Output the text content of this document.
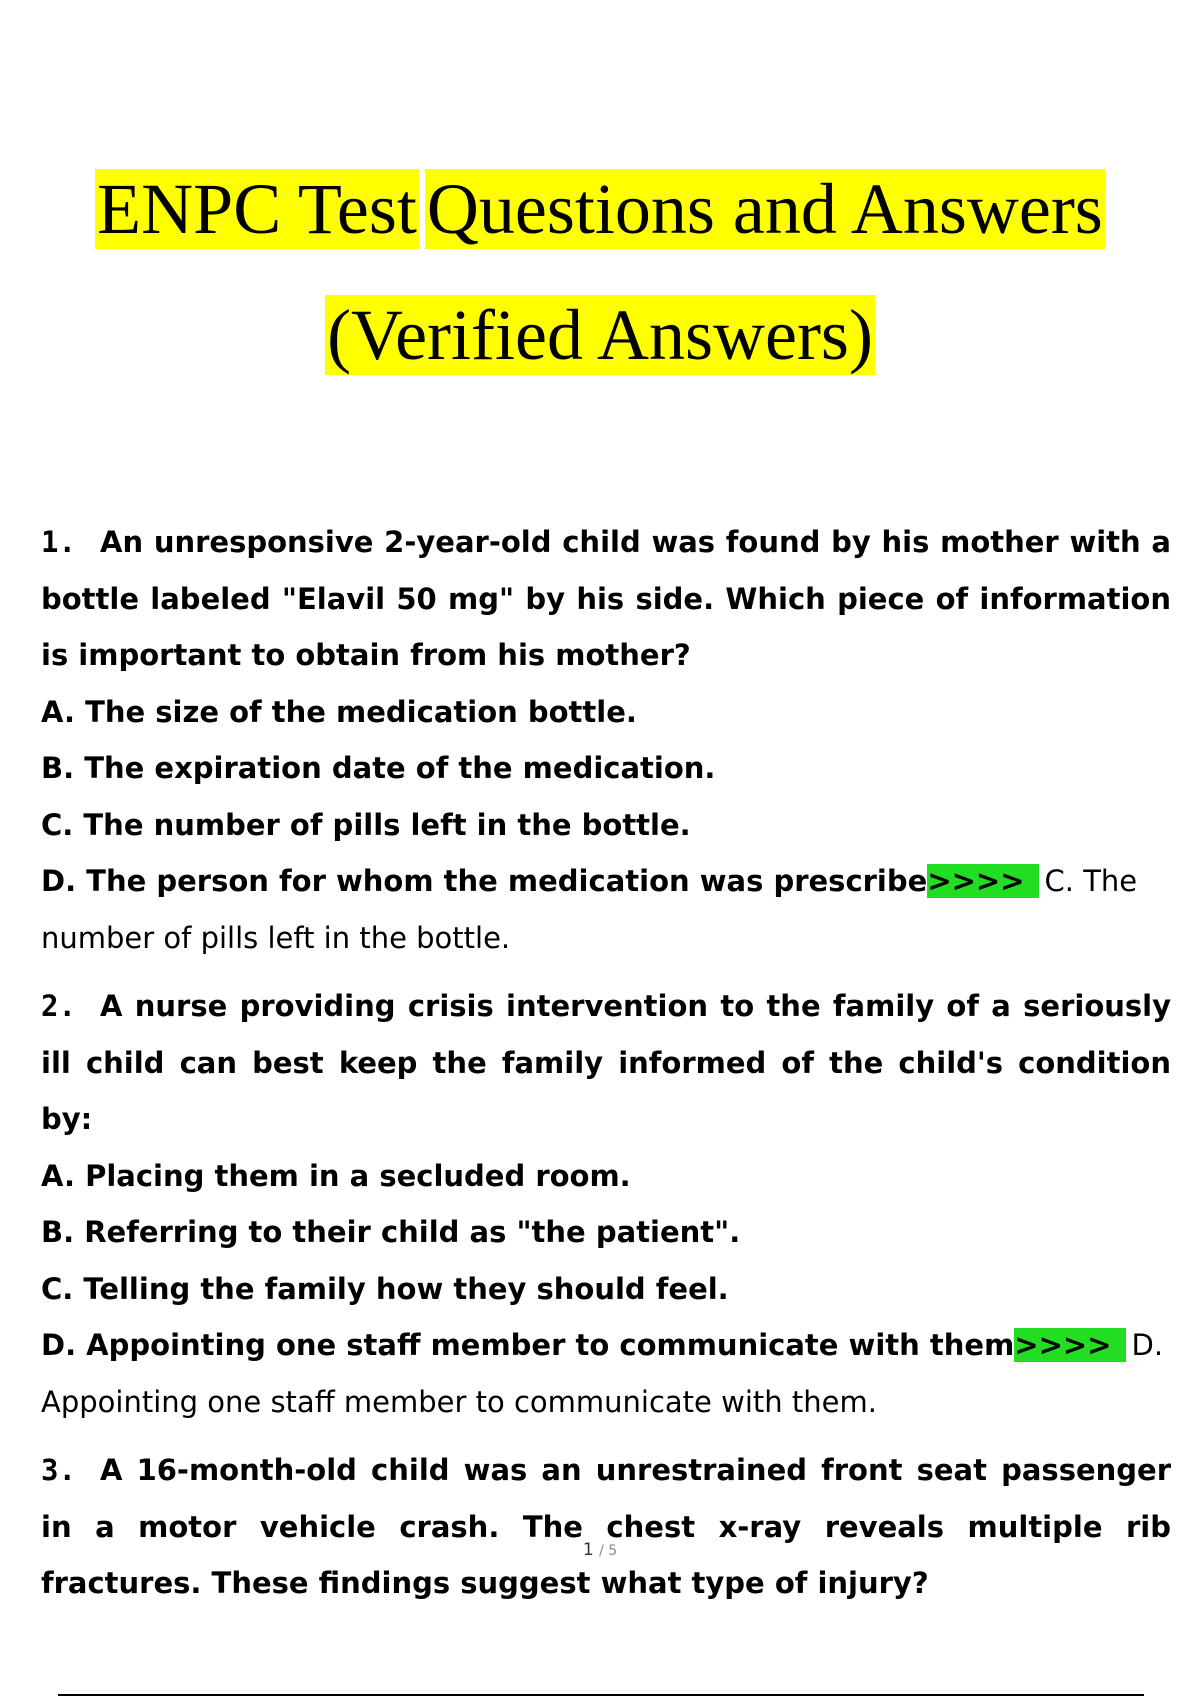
ENPC Test Questions and Answers
(Verified Answers)
1. An unresponsive 2-year-old child was found by his mother with a bottle labeled "Elavil 50 mg" by his side. Which piece of information is important to obtain from his mother?
A. The size of the medication bottle.
B. The expiration date of the medication.
C. The number of pills left in the bottle.
D. The person for whom the medication was prescribe>>>> C. The number of pills left in the bottle.
2. A nurse providing crisis intervention to the family of a seriously ill child can best keep the family informed of the child's condition by:
A. Placing them in a secluded room.
B. Referring to their child as "the patient".
C. Telling the family how they should feel.
D. Appointing one staff member to communicate with them>>>> D. Appointing one staff member to communicate with them.
3. A 16-month-old child was an unrestrained front seat passenger in a motor vehicle crash. The chest x-ray reveals multiple rib fractures. These findings suggest what type of injury?
1 / 5
